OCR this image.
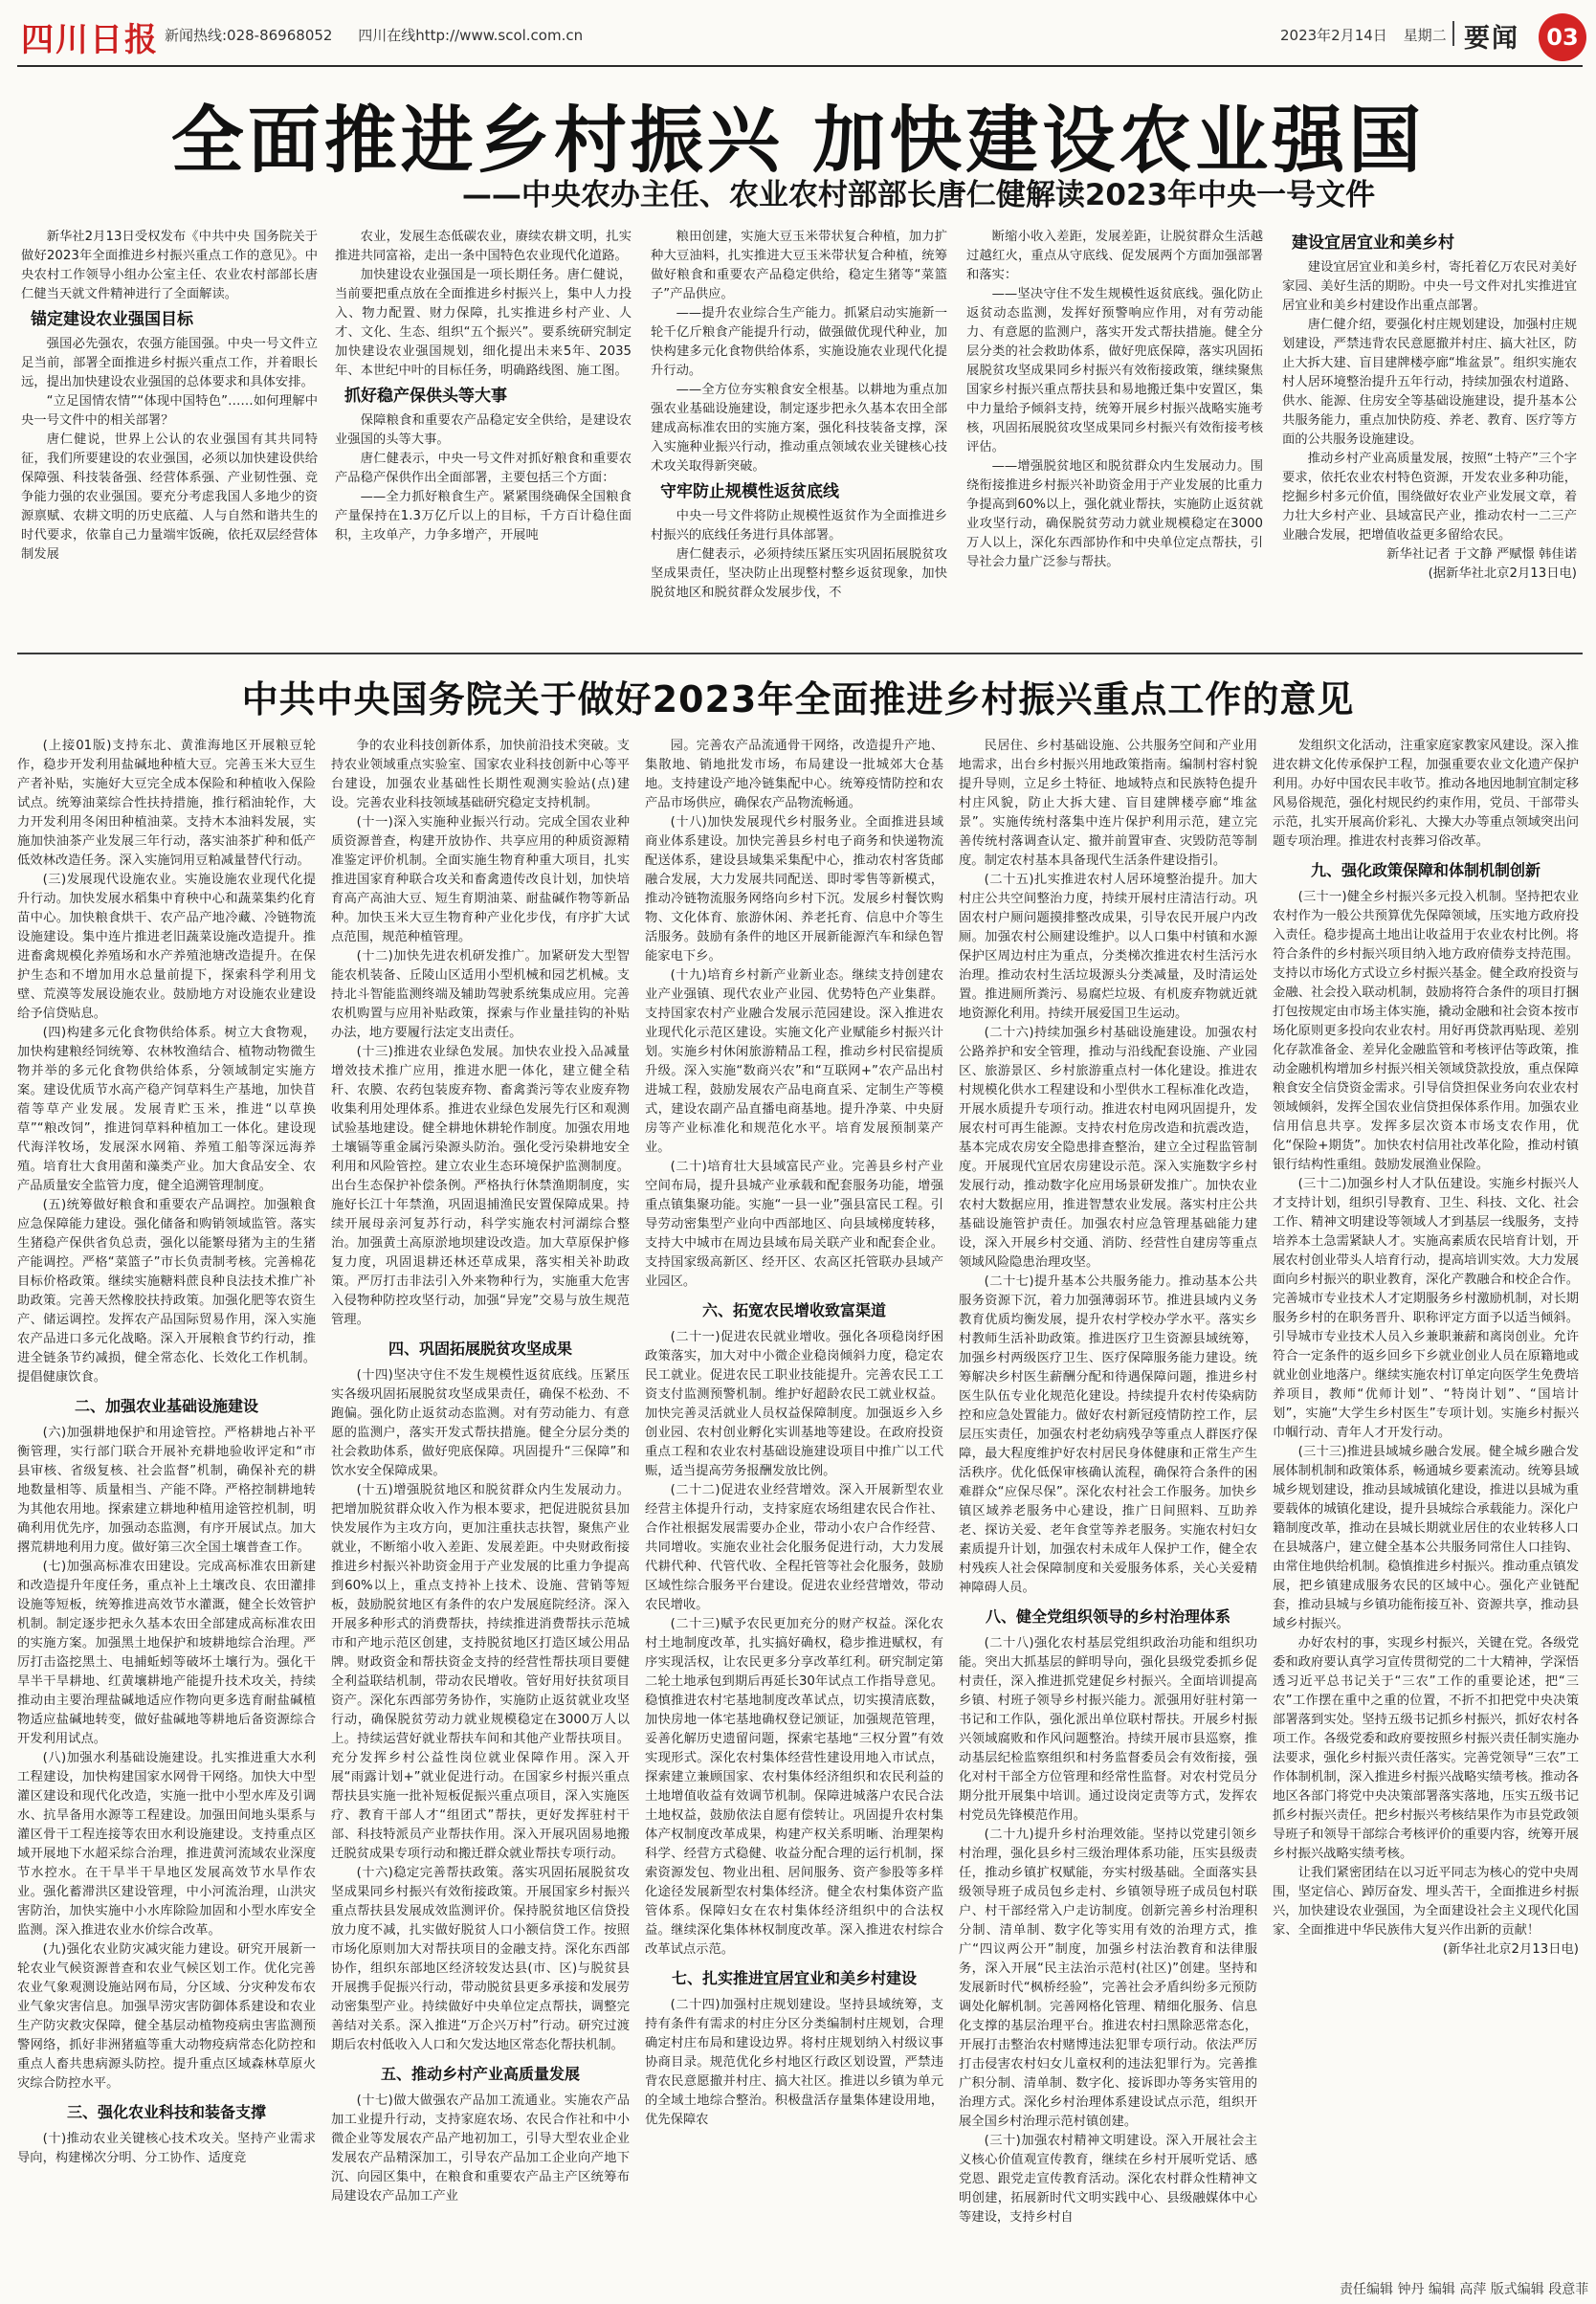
四川日报 新闻热线:028-86968052 四川在线http://www.scol.com.cn	2023年2月14日 星期二 要闻	03
全面推进乡村振兴 加快建设农业强国
——中央农办主任、农业农村部部长唐仁健解读2023年中央一号文件

新华社2月13日受权发布《中共中央 国务院关于做好2023年全面推进乡村振兴重点工作的意见》。中央农村工作领导小组办公室主任、农业农村部部长唐仁健当天就文件精神进行了全面解读。

锚定建设农业强国目标

强国必先强农，农强方能国强。中央一号文件立足当前，部署全面推进乡村振兴重点工作，并着眼长远，提出加快建设农业强国的总体要求和具体安排。

“立足国情农情”“体现中国特色”……如何理解中央一号文件中的相关部署？

唐仁健说，世界上公认的农业强国有其共同特征，我们所要建设的农业强国，必须以加快建设供给保障强、科技装备强、经营体系强、产业韧性强、竞争能力强的农业强国。要充分考虑我国人多地少的资源禀赋、农耕文明的历史底蕴、人与自然和谐共生的时代要求，依靠自己力量端牢饭碗，依托双层经营体制发展

农业，发展生态低碳农业，赓续农耕文明，扎实推进共同富裕，走出一条中国特色农业现代化道路。

加快建设农业强国是一项长期任务。唐仁健说，当前要把重点放在全面推进乡村振兴上，集中人力投入、物力配置、财力保障，扎实推进乡村产业、人才、文化、生态、组织“五个振兴”。要系统研究制定加快建设农业强国规划，细化提出未来5年、2035年、本世纪中叶的目标任务，明确路线图、施工图。

抓好稳产保供头等大事

保障粮食和重要农产品稳定安全供给，是建设农业强国的头等大事。

唐仁健表示，中央一号文件对抓好粮食和重要农产品稳产保供作出全面部署，主要包括三个方面：

——全力抓好粮食生产。紧紧围绕确保全国粮食产量保持在1.3万亿斤以上的目标，千方百计稳住面积，主攻单产，力争多增产，开展吨

粮田创建，实施大豆玉米带状复合种植，加力扩种大豆油料，扎实推进大豆玉米带状复合种植，统筹做好粮食和重要农产品稳定供给，稳定生猪等“菜篮子”产品供应。

——提升农业综合生产能力。抓紧启动实施新一轮千亿斤粮食产能提升行动，做强做优现代种业，加快构建多元化食物供给体系，实施设施农业现代化提升行动。

——全方位夯实粮食安全根基。以耕地为重点加强农业基础设施建设，制定逐步把永久基本农田全部建成高标准农田的实施方案，强化科技装备支撑，深入实施种业振兴行动，推动重点领域农业关键核心技术攻关取得新突破。

守牢防止规模性返贫底线

中央一号文件将防止规模性返贫作为全面推进乡村振兴的底线任务进行具体部署。

唐仁健表示，必须持续压紧压实巩固拓展脱贫攻坚成果责任，坚决防止出现整村整乡返贫现象，加快脱贫地区和脱贫群众发展步伐，不

断缩小收入差距，发展差距，让脱贫群众生活越过越红火，重点从守底线、促发展两个方面加强部署和落实：

——坚决守住不发生规模性返贫底线。强化防止返贫动态监测，发挥好预警响应作用，对有劳动能力、有意愿的监测户，落实开发式帮扶措施。健全分层分类的社会救助体系，做好兜底保障，落实巩固拓展脱贫攻坚成果同乡村振兴有效衔接政策，继续聚焦国家乡村振兴重点帮扶县和易地搬迁集中安置区，集中力量给予倾斜支持，统筹开展乡村振兴战略实施考核，巩固拓展脱贫攻坚成果同乡村振兴有效衔接考核评估。

——增强脱贫地区和脱贫群众内生发展动力。围绕衔接推进乡村振兴补助资金用于产业发展的比重力争提高到60%以上，强化就业帮扶，实施防止返贫就业攻坚行动，确保脱贫劳动力就业规模稳定在3000万人以上，深化东西部协作和中央单位定点帮扶，引导社会力量广泛参与帮扶。

建设宜居宜业和美乡村

建设宜居宜业和美乡村，寄托着亿万农民对美好家园、美好生活的期盼。中央一号文件对扎实推进宜居宜业和美乡村建设作出重点部署。

唐仁健介绍，要强化村庄规划建设，加强村庄规划建设，严禁违背农民意愿撤并村庄、搞大社区，防止大拆大建、盲目建牌楼亭廊“堆盆景”。组织实施农村人居环境整治提升五年行动，持续加强农村道路、供水、能源、住房安全等基础设施建设，提升基本公共服务能力，重点加快防疫、养老、教育、医疗等方面的公共服务设施建设。

推动乡村产业高质量发展，按照“土特产”三个字要求，依托农业农村特色资源，开发农业多种功能，挖掘乡村多元价值，围绕做好农业产业发展文章，着力壮大乡村产业、县域富民产业，推动农村一二三产业融合发展，把增值收益更多留给农民。

新华社记者 于文静 严赋憬 韩佳诺

(据新华社北京2月13日电)

中共中央国务院关于做好2023年全面推进乡村振兴重点工作的意见

(上接01版)支持东北、黄淮海地区开展粮豆轮作，稳步开发利用盐碱地种植大豆。完善玉米大豆生产者补贴，实施好大豆完全成本保险和种植收入保险试点。统筹油菜综合性扶持措施，推行稻油轮作，大力开发利用冬闲田种植油菜。支持木本油料发展，实施加快油茶产业发展三年行动，落实油茶扩种和低产低效林改造任务。深入实施饲用豆粕减量替代行动。

(三)发展现代设施农业。实施设施农业现代化提升行动。加快发展水稻集中育秧中心和蔬菜集约化育苗中心。加快粮食烘干、农产品产地冷藏、冷链物流设施建设。集中连片推进老旧蔬菜设施改造提升。推进畜禽规模化养殖场和水产养殖池塘改造提升。在保护生态和不增加用水总量前提下，探索科学利用戈壁、荒漠等发展设施农业。鼓励地方对设施农业建设给予信贷贴息。

(四)构建多元化食物供给体系。树立大食物观，加快构建粮经饲统筹、农林牧渔结合、植物动物微生物并举的多元化食物供给体系，分领域制定实施方案。建设优质节水高产稳产饲草料生产基地，加快苜蓿等草产业发展。发展青贮玉米，推进“以草换草”“粮改饲”，推进饲草料种植加工一体化。建设现代海洋牧场，发展深水网箱、养殖工船等深远海养殖。培育壮大食用菌和藻类产业。加大食品安全、农产品质量安全监管力度，健全追溯管理制度。

(五)统筹做好粮食和重要农产品调控。加强粮食应急保障能力建设。强化储备和购销领域监管。落实生猪稳产保供省负总责，强化以能繁母猪为主的生猪产能调控。严格“菜篮子”市长负责制考核。完善棉花目标价格政策。继续实施糖料蔗良种良法技术推广补助政策。完善天然橡胶扶持政策。加强化肥等农资生产、储运调控。发挥农产品国际贸易作用，深入实施农产品进口多元化战略。深入开展粮食节约行动，推进全链条节约减损，健全常态化、长效化工作机制。提倡健康饮食。

二、加强农业基础设施建设

(六)加强耕地保护和用途管控。严格耕地占补平衡管理，实行部门联合开展补充耕地验收评定和“市县审核、省级复核、社会监督”机制，确保补充的耕地数量相等、质量相当、产能不降。严格控制耕地转为其他农用地。探索建立耕地种植用途管控机制，明确利用优先序，加强动态监测，有序开展试点。加大撂荒耕地利用力度。做好第三次全国土壤普查工作。

(七)加强高标准农田建设。完成高标准农田新建和改造提升年度任务，重点补上土壤改良、农田灌排设施等短板，统筹推进高效节水灌溉，健全长效管护机制。制定逐步把永久基本农田全部建成高标准农田的实施方案。加强黑土地保护和坡耕地综合治理。严厉打击盗挖黑土、电捕蚯蚓等破坏土壤行为。强化干旱半干旱耕地、红黄壤耕地产能提升技术攻关，持续推动由主要治理盐碱地适应作物向更多选育耐盐碱植物适应盐碱地转变，做好盐碱地等耕地后备资源综合开发利用试点。

(八)加强水利基础设施建设。扎实推进重大水利工程建设，加快构建国家水网骨干网络。加快大中型灌区建设和现代化改造，实施一批中小型水库及引调水、抗旱备用水源等工程建设。加强田间地头渠系与灌区骨干工程连接等农田水利设施建设。支持重点区域开展地下水超采综合治理，推进黄河流域农业深度节水控水。在干旱半干旱地区发展高效节水旱作农业。强化蓄滞洪区建设管理，中小河流治理，山洪灾害防治，加快实施中小水库除险加固和小型水库安全监测。深入推进农业水价综合改革。

(九)强化农业防灾减灾能力建设。研究开展新一轮农业气候资源普查和农业气候区划工作。优化完善农业气象观测设施站网布局，分区域、分灾种发布农业气象灾害信息。加强旱涝灾害防御体系建设和农业生产防灾救灾保障，健全基层动植物疫病虫害监测预警网络，抓好非洲猪瘟等重大动物疫病常态化防控和重点人畜共患病源头防控。提升重点区域森林草原火灾综合防控水平。

三、强化农业科技和装备支撑

(十)推动农业关键核心技术攻关。坚持产业需求导向，构建梯次分明、分工协作、适度竞

争的农业科技创新体系，加快前沿技术突破。支持农业领域重点实验室、国家农业科技创新中心等平台建设，加强农业基础性长期性观测实验站(点)建设。完善农业科技领域基础研究稳定支持机制。

(十一)深入实施种业振兴行动。完成全国农业种质资源普查，构建开放协作、共享应用的种质资源精准鉴定评价机制。全面实施生物育种重大项目，扎实推进国家育种联合攻关和畜禽遗传改良计划，加快培育高产高油大豆、短生育期油菜、耐盐碱作物等新品种。加快玉米大豆生物育种产业化步伐，有序扩大试点范围，规范种植管理。

(十二)加快先进农机研发推广。加紧研发大型智能农机装备、丘陵山区适用小型机械和园艺机械。支持北斗智能监测终端及辅助驾驶系统集成应用。完善农机购置与应用补贴政策，探索与作业量挂钩的补贴办法，地方要履行法定支出责任。

(十三)推进农业绿色发展。加快农业投入品减量增效技术推广应用，推进水肥一体化，建立健全秸秆、农膜、农药包装废弃物、畜禽粪污等农业废弃物收集利用处理体系。推进农业绿色发展先行区和观测试验基地建设。健全耕地休耕轮作制度。加强农用地土壤镉等重金属污染源头防治。强化受污染耕地安全利用和风险管控。建立农业生态环境保护监测制度。出台生态保护补偿条例。严格执行休禁渔期制度，实施好长江十年禁渔，巩固退捕渔民安置保障成果。持续开展母亲河复苏行动，科学实施农村河湖综合整治。加强黄土高原淤地坝建设改造。加大草原保护修复力度，巩固退耕还林还草成果，落实相关补助政策。严厉打击非法引入外来物种行为，实施重大危害入侵物种防控攻坚行动，加强“异宠”交易与放生规范管理。

四、巩固拓展脱贫攻坚成果

(十四)坚决守住不发生规模性返贫底线。压紧压实各级巩固拓展脱贫攻坚成果责任，确保不松劲、不跑偏。强化防止返贫动态监测。对有劳动能力、有意愿的监测户，落实开发式帮扶措施。健全分层分类的社会救助体系，做好兜底保障。巩固提升“三保障”和饮水安全保障成果。

(十五)增强脱贫地区和脱贫群众内生发展动力。把增加脱贫群众收入作为根本要求，把促进脱贫县加快发展作为主攻方向，更加注重扶志扶智，聚焦产业就业，不断缩小收入差距、发展差距。中央财政衔接推进乡村振兴补助资金用于产业发展的比重力争提高到60%以上，重点支持补上技术、设施、营销等短板，鼓励脱贫地区有条件的农户发展庭院经济。深入开展多种形式的消费帮扶，持续推进消费帮扶示范城市和产地示范区创建，支持脱贫地区打造区域公用品牌。财政资金和帮扶资金支持的经营性帮扶项目要健全利益联结机制，带动农民增收。管好用好扶贫项目资产。深化东西部劳务协作，实施防止返贫就业攻坚行动，确保脱贫劳动力就业规模稳定在3000万人以上。持续运营好就业帮扶车间和其他产业帮扶项目。充分发挥乡村公益性岗位就业保障作用。深入开展“雨露计划+”就业促进行动。在国家乡村振兴重点帮扶县实施一批补短板促振兴重点项目，深入实施医疗、教育干部人才“组团式”帮扶，更好发挥驻村干部、科技特派员产业帮扶作用。深入开展巩固易地搬迁脱贫成果专项行动和搬迁群众就业帮扶专项行动。

(十六)稳定完善帮扶政策。落实巩固拓展脱贫攻坚成果同乡村振兴有效衔接政策。开展国家乡村振兴重点帮扶县发展成效监测评价。保持脱贫地区信贷投放力度不减，扎实做好脱贫人口小额信贷工作。按照市场化原则加大对帮扶项目的金融支持。深化东西部协作，组织东部地区经济较发达县(市、区)与脱贫县开展携手促振兴行动，带动脱贫县更多承接和发展劳动密集型产业。持续做好中央单位定点帮扶，调整完善结对关系。深入推进“万企兴万村”行动。研究过渡期后农村低收入人口和欠发达地区常态化帮扶机制。

五、推动乡村产业高质量发展

(十七)做大做强农产品加工流通业。实施农产品加工业提升行动，支持家庭农场、农民合作社和中小微企业等发展农产品产地初加工，引导大型农业企业发展农产品精深加工，引导农产品加工企业向产地下沉、向园区集中，在粮食和重要农产品主产区统筹布局建设农产品加工产业

园。完善农产品流通骨干网络，改造提升产地、集散地、销地批发市场，布局建设一批城郊大仓基地。支持建设产地冷链集配中心。统筹疫情防控和农产品市场供应，确保农产品物流畅通。

(十八)加快发展现代乡村服务业。全面推进县域商业体系建设。加快完善县乡村电子商务和快递物流配送体系，建设县域集采集配中心，推动农村客货邮融合发展，大力发展共同配送、即时零售等新模式，推动冷链物流服务网络向乡村下沉。发展乡村餐饮购物、文化体育、旅游休闲、养老托育、信息中介等生活服务。鼓励有条件的地区开展新能源汽车和绿色智能家电下乡。

(十九)培育乡村新产业新业态。继续支持创建农业产业强镇、现代农业产业园、优势特色产业集群。支持国家农村产业融合发展示范园建设。深入推进农业现代化示范区建设。实施文化产业赋能乡村振兴计划。实施乡村休闲旅游精品工程，推动乡村民宿提质升级。深入实施“数商兴农”和“互联网+”农产品出村进城工程，鼓励发展农产品电商直采、定制生产等模式，建设农副产品直播电商基地。提升净菜、中央厨房等产业标准化和规范化水平。培育发展预制菜产业。

(二十)培育壮大县域富民产业。完善县乡村产业空间布局，提升县城产业承载和配套服务功能，增强重点镇集聚功能。实施“一县一业”强县富民工程。引导劳动密集型产业向中西部地区、向县域梯度转移，支持大中城市在周边县域布局关联产业和配套企业。支持国家级高新区、经开区、农高区托管联办县域产业园区。

六、拓宽农民增收致富渠道

(二十一)促进农民就业增收。强化各项稳岗纾困政策落实，加大对中小微企业稳岗倾斜力度，稳定农民工就业。促进农民工职业技能提升。完善农民工工资支付监测预警机制。维护好超龄农民工就业权益。加快完善灵活就业人员权益保障制度。加强返乡入乡创业园、农村创业孵化实训基地等建设。在政府投资重点工程和农业农村基础设施建设项目中推广以工代赈，适当提高劳务报酬发放比例。

(二十二)促进农业经营增效。深入开展新型农业经营主体提升行动，支持家庭农场组建农民合作社、合作社根据发展需要办企业，带动小农户合作经营、共同增收。实施农业社会化服务促进行动，大力发展代耕代种、代管代收、全程托管等社会化服务，鼓励区域性综合服务平台建设。促进农业经营增效，带动农民增收。

(二十三)赋予农民更加充分的财产权益。深化农村土地制度改革，扎实搞好确权，稳步推进赋权，有序实现活权，让农民更多分享改革红利。研究制定第二轮土地承包到期后再延长30年试点工作指导意见。稳慎推进农村宅基地制度改革试点，切实摸清底数，加快房地一体宅基地确权登记颁证，加强规范管理，妥善化解历史遗留问题，探索宅基地“三权分置”有效实现形式。深化农村集体经营性建设用地入市试点，探索建立兼顾国家、农村集体经济组织和农民利益的土地增值收益有效调节机制。保障进城落户农民合法土地权益，鼓励依法自愿有偿转让。巩固提升农村集体产权制度改革成果，构建产权关系明晰、治理架构科学、经营方式稳健、收益分配合理的运行机制，探索资源发包、物业出租、居间服务、资产参股等多样化途径发展新型农村集体经济。健全农村集体资产监管体系。保障妇女在农村集体经济组织中的合法权益。继续深化集体林权制度改革。深入推进农村综合改革试点示范。

七、扎实推进宜居宜业和美乡村建设

(二十四)加强村庄规划建设。坚持县域统筹，支持有条件有需求的村庄分区分类编制村庄规划，合理确定村庄布局和建设边界。将村庄规划纳入村级议事协商目录。规范优化乡村地区行政区划设置，严禁违背农民意愿撤并村庄、搞大社区。推进以乡镇为单元的全域土地综合整治。积极盘活存量集体建设用地，优先保障农

民居住、乡村基础设施、公共服务空间和产业用地需求，出台乡村振兴用地政策指南。编制村容村貌提升导则，立足乡土特征、地域特点和民族特色提升村庄风貌，防止大拆大建、盲目建牌楼亭廊“堆盆景”。实施传统村落集中连片保护利用示范，建立完善传统村落调查认定、撤并前置审查、灾毁防范等制度。制定农村基本具备现代生活条件建设指引。

(二十五)扎实推进农村人居环境整治提升。加大村庄公共空间整治力度，持续开展村庄清洁行动。巩固农村户厕问题摸排整改成果，引导农民开展户内改厕。加强农村公厕建设维护。以人口集中村镇和水源保护区周边村庄为重点，分类梯次推进农村生活污水治理。推动农村生活垃圾源头分类减量，及时清运处置。推进厕所粪污、易腐烂垃圾、有机废弃物就近就地资源化利用。持续开展爱国卫生运动。

(二十六)持续加强乡村基础设施建设。加强农村公路养护和安全管理，推动与沿线配套设施、产业园区、旅游景区、乡村旅游重点村一体化建设。推进农村规模化供水工程建设和小型供水工程标准化改造，开展水质提升专项行动。推进农村电网巩固提升，发展农村可再生能源。支持农村危房改造和抗震改造，基本完成农房安全隐患排查整治，建立全过程监管制度。开展现代宜居农房建设示范。深入实施数字乡村发展行动，推动数字化应用场景研发推广。加快农业农村大数据应用，推进智慧农业发展。落实村庄公共基础设施管护责任。加强农村应急管理基础能力建设，深入开展乡村交通、消防、经营性自建房等重点领域风险隐患治理攻坚。

(二十七)提升基本公共服务能力。推动基本公共服务资源下沉，着力加强薄弱环节。推进县域内义务教育优质均衡发展，提升农村学校办学水平。落实乡村教师生活补助政策。推进医疗卫生资源县域统筹，加强乡村两级医疗卫生、医疗保障服务能力建设。统筹解决乡村医生薪酬分配和待遇保障问题，推进乡村医生队伍专业化规范化建设。持续提升农村传染病防控和应急处置能力。做好农村新冠疫情防控工作，层层压实责任，加强农村老幼病残孕等重点人群医疗保障，最大程度维护好农村居民身体健康和正常生产生活秩序。优化低保审核确认流程，确保符合条件的困难群众“应保尽保”。深化农村社会工作服务。加快乡镇区域养老服务中心建设，推广日间照料、互助养老、探访关爱、老年食堂等养老服务。实施农村妇女素质提升计划，加强农村未成年人保护工作，健全农村残疾人社会保障制度和关爱服务体系，关心关爱精神障碍人员。

八、健全党组织领导的乡村治理体系

(二十八)强化农村基层党组织政治功能和组织功能。突出大抓基层的鲜明导向，强化县级党委抓乡促村责任，深入推进抓党建促乡村振兴。全面培训提高乡镇、村班子领导乡村振兴能力。派强用好驻村第一书记和工作队，强化派出单位联村帮扶。开展乡村振兴领域腐败和作风问题整治。持续开展市县巡察，推动基层纪检监察组织和村务监督委员会有效衔接，强化对村干部全方位管理和经常性监督。对农村党员分期分批开展集中培训。通过设岗定责等方式，发挥农村党员先锋模范作用。

(二十九)提升乡村治理效能。坚持以党建引领乡村治理，强化县乡村三级治理体系功能，压实县级责任，推动乡镇扩权赋能，夯实村级基础。全面落实县级领导班子成员包乡走村、乡镇领导班子成员包村联户、村干部经常入户走访制度。创新完善乡村治理积分制、清单制、数字化等实用有效的治理方式，推广“四议两公开”制度，加强乡村法治教育和法律服务，深入开展“民主法治示范村(社区)”创建。坚持和发展新时代“枫桥经验”，完善社会矛盾纠纷多元预防调处化解机制。完善网格化管理、精细化服务、信息化支撑的基层治理平台。推进农村扫黑除恶常态化，开展打击整治农村赌博违法犯罪专项行动。依法严厉打击侵害农村妇女儿童权利的违法犯罪行为。完善推广积分制、清单制、数字化、接诉即办等务实管用的治理方式。深化乡村治理体系建设试点示范，组织开展全国乡村治理示范村镇创建。

(三十)加强农村精神文明建设。深入开展社会主义核心价值观宣传教育，继续在乡村开展听党话、感党恩、跟党走宣传教育活动。深化农村群众性精神文明创建，拓展新时代文明实践中心、县级融媒体中心等建设，支持乡村自

发组织文化活动，注重家庭家教家风建设。深入推进农耕文化传承保护工程，加强重要农业文化遗产保护利用。办好中国农民丰收节。推动各地因地制宜制定移风易俗规范，强化村规民约约束作用，党员、干部带头示范，扎实开展高价彩礼、大操大办等重点领域突出问题专项治理。推进农村丧葬习俗改革。

九、强化政策保障和体制机制创新

(三十一)健全乡村振兴多元投入机制。坚持把农业农村作为一般公共预算优先保障领域，压实地方政府投入责任。稳步提高土地出让收益用于农业农村比例。将符合条件的乡村振兴项目纳入地方政府债券支持范围。支持以市场化方式设立乡村振兴基金。健全政府投资与金融、社会投入联动机制，鼓励将符合条件的项目打捆打包按规定由市场主体实施，撬动金融和社会资本按市场化原则更多投向农业农村。用好再贷款再贴现、差别化存款准备金、差异化金融监管和考核评估等政策，推动金融机构增加乡村振兴相关领域贷款投放，重点保障粮食安全信贷资金需求。引导信贷担保业务向农业农村领域倾斜，发挥全国农业信贷担保体系作用。加强农业信用信息共享。发挥多层次资本市场支农作用，优化“保险+期货”。加快农村信用社改革化险，推动村镇银行结构性重组。鼓励发展渔业保险。

(三十二)加强乡村人才队伍建设。实施乡村振兴人才支持计划，组织引导教育、卫生、科技、文化、社会工作、精神文明建设等领域人才到基层一线服务，支持培养本土急需紧缺人才。实施高素质农民培育计划，开展农村创业带头人培育行动，提高培训实效。大力发展面向乡村振兴的职业教育，深化产教融合和校企合作。完善城市专业技术人才定期服务乡村激励机制，对长期服务乡村的在职务晋升、职称评定方面予以适当倾斜。引导城市专业技术人员入乡兼职兼薪和离岗创业。允许符合一定条件的返乡回乡下乡就业创业人员在原籍地或就业创业地落户。继续实施农村订单定向医学生免费培养项目，教师“优师计划”、“特岗计划”、“国培计划”，实施“大学生乡村医生”专项计划。实施乡村振兴巾帼行动、青年人才开发行动。

(三十三)推进县域城乡融合发展。健全城乡融合发展体制机制和政策体系，畅通城乡要素流动。统筹县域城乡规划建设，推动县域城镇化建设，推进以县城为重要载体的城镇化建设，提升县城综合承载能力。深化户籍制度改革，推动在县城长期就业居住的农业转移人口在县城落户，建立健全基本公共服务同常住人口挂钩、由常住地供给机制。稳慎推进乡村振兴。推动重点镇发展，把乡镇建成服务农民的区域中心。强化产业链配套，推动县城与乡镇功能衔接互补、资源共享，推动县域乡村振兴。

办好农村的事，实现乡村振兴，关键在党。各级党委和政府要认真学习宣传贯彻党的二十大精神，学深悟透习近平总书记关于“三农”工作的重要论述，把“三农”工作摆在重中之重的位置，不折不扣把党中央决策部署落到实处。坚持五级书记抓乡村振兴，抓好农村各项工作。各级党委和政府要按照乡村振兴责任制实施办法要求，强化乡村振兴责任落实。完善党领导“三农”工作体制机制，深入推进乡村振兴战略实绩考核。推动各地区各部门将党中央决策部署落实落地，压实五级书记抓乡村振兴责任。把乡村振兴考核结果作为市县党政领导班子和领导干部综合考核评价的重要内容，统筹开展乡村振兴战略实绩考核。

让我们紧密团结在以习近平同志为核心的党中央周围，坚定信心、踔厉奋发、埋头苦干，全面推进乡村振兴，加快建设农业强国，为全面建设社会主义现代化国家、全面推进中华民族伟大复兴作出新的贡献！

(新华社北京2月13日电)

责任编辑 钟丹 编辑 高萍 版式编辑 段意菲
